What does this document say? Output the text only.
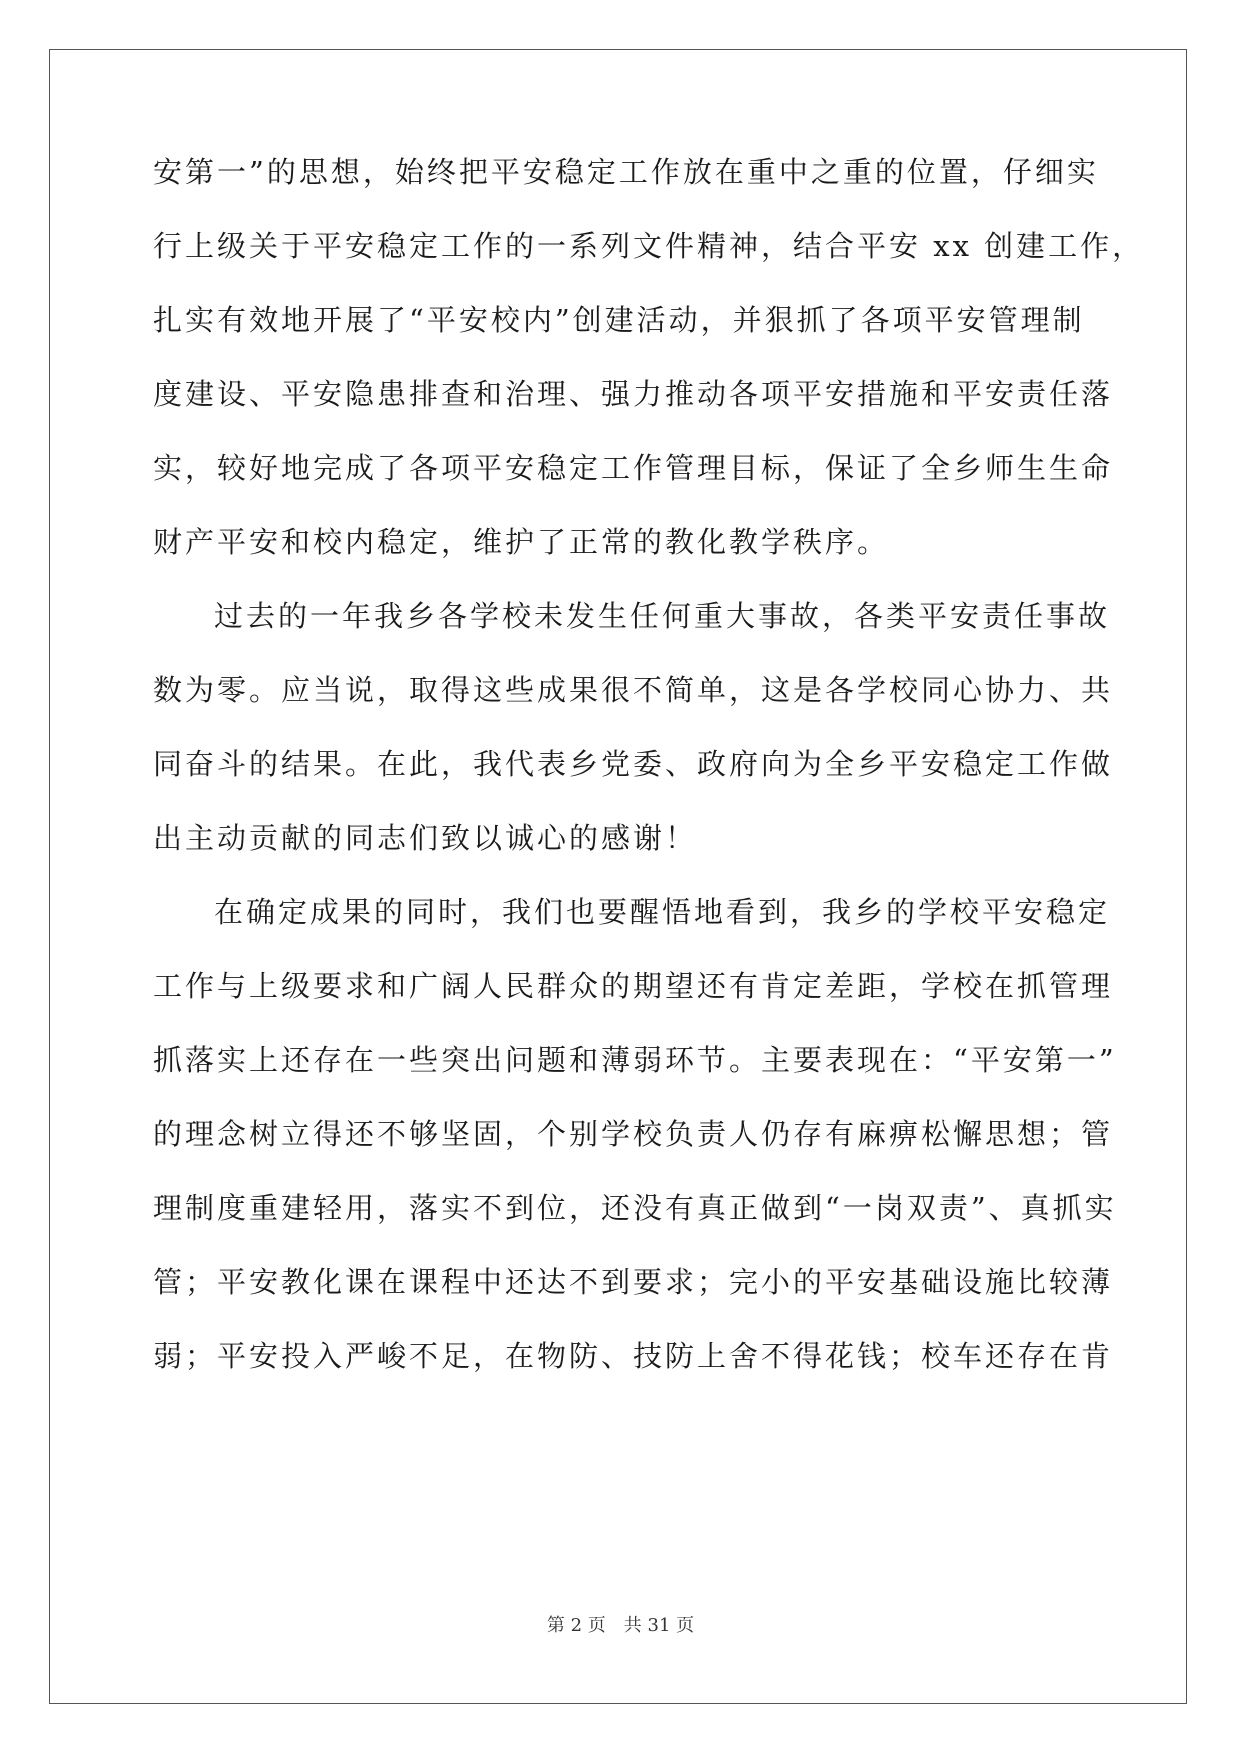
安第一”的思想，始终把平安稳定工作放在重中之重的位置，仔细实
行上级关于平安稳定工作的一系列文件精神，结合平安 xx 创建工作，
扎实有效地开展了“平安校内”创建活动，并狠抓了各项平安管理制
度建设、平安隐患排查和治理、强力推动各项平安措施和平安责任落
实，较好地完成了各项平安稳定工作管理目标，保证了全乡师生生命
财产平安和校内稳定，维护了正常的教化教学秩序。
过去的一年我乡各学校未发生任何重大事故，各类平安责任事故
数为零。应当说，取得这些成果很不简单，这是各学校同心协力、共
同奋斗的结果。在此，我代表乡党委、政府向为全乡平安稳定工作做
出主动贡献的同志们致以诚心的感谢！
在确定成果的同时，我们也要醒悟地看到，我乡的学校平安稳定
工作与上级要求和广阔人民群众的期望还有肯定差距，学校在抓管理
抓落实上还存在一些突出问题和薄弱环节。主要表现在：“平安第一”
的理念树立得还不够坚固，个别学校负责人仍存有麻痹松懈思想；管
理制度重建轻用，落实不到位，还没有真正做到“一岗双责”、真抓实
管；平安教化课在课程中还达不到要求；完小的平安基础设施比较薄
弱；平安投入严峻不足，在物防、技防上舍不得花钱；校车还存在肯
第 2 页　共 31 页
